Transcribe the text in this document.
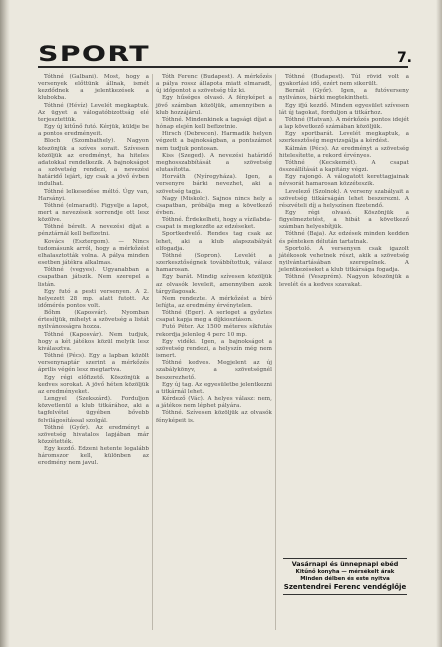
SPORT	7.

Tóthné (Galbani). Most, hogy a versenyek előttünk állnak, ismét kezdődnek a jelentkezések a klubokba.

Tóthné (Hévíz) Levelét megkaptuk. Az ügyet a válogatóbizottság elé terjesztettük.

Egy új kitűnő futó. Kérjük, küldje be a pontos eredményeit.

Bloch (Szombathely). Nagyon köszönjük a szíves sorait. Szívesen közöljük az eredményt, ha hiteles adatokkal rendelkezik. A bajnokságot a szövetség rendezi, a nevezési határidő lejárt, így csak a jövő évben indulhat.

Tóthné lelkesedése méltó. Úgy van, Harsányi.

Tóthné (elmaradt). Figyelje a lapot, mert a nevezések sorrendje ott lesz közölve.

Tóthné bérelt. A nevezési díjat a pénztárnál kell befizetni.

Kovács (Esztergom). — Nincs tudomásunk arról, hogy a mérkőzést elhalasztották volna. A pálya minden esetben játékra alkalmas.

Tóthné (vegyes). Ugyanabban a csapatban játszik. Nem szerepel a listán.

Egy futó a pesti versenyen. A 2. helyezett 28 mp. alatt futott. Az időmérés pontos volt.

Bőhm (Kaposvár). Nyomban értesítjük, mihelyt a szövetség a listát nyilvánosságra hozza.

Tóthné (Kaposvár). Nem tudjuk, hogy a két játékos közül melyik lesz kiválasztva.

Tóthné (Pécs). Egy a lapban közölt versenynaptár szerint a mérkőzés április végén lesz megtartva.

Egy régi előfizető. Köszönjük a kedves sorokat. A jövő héten közöljük az eredményeket.

Lengyel (Szekszárd). Forduljon közvetlenül a klub titkárához, aki a tagfelvétel ügyében bővebb felvilágosítással szolgál.

Tóthné (Győr). Az eredményt a szövetség hivatalos lapjában már közzétették.

Egy kezdő. Edzeni hetente legalább háromszor kell, különben az eredmény nem javul.

Tóth Ferenc (Budapest). A mérkőzés a pálya rossz állapota miatt elmaradt, új időpontot a szövetség tűz ki.

Egy hűséges olvasó. A fényképet a jövő számban közöljük, amennyiben a klub hozzájárul.

Tóthné. Mindenkinek a tagsági díjat a hónap elején kell befizetnie.

Hirsch (Debrecen). Harmadik helyen végzett a bajnokságban, a pontszámot nem tudjuk pontosan.

Kiss (Szeged). A nevezési határidő meghosszabbítását a szövetség elutasította.

Horváth (Nyíregyháza). Igen, a versenyre bárki nevezhet, aki a szövetség tagja.

Nagy (Miskolc). Sajnos nincs hely a csapatban, próbálja meg a következő évben.

Tóthné. Érdekelheti, hogy a vízilabda-csapat is megkezdte az edzéseket.

Sportkedvelő. Rendes tag csak az lehet, aki a klub alapszabályát elfogadja.

Tóthné (Sopron). Levelét a szerkesztőségnek továbbítottuk, válasz hamarosan.

Egy barát. Mindig szívesen közöljük az olvasók leveleit, amennyiben azok tárgyilagosak.

Nem rendezte. A mérkőzést a bíró lefújta, az eredmény érvénytelen.

Tóthné (Eger). A serleget a győztes csapat kapja meg a díjkiosztáson.

Futó Péter. Az 1500 méteres síkfutás rekordja jelenleg 4 perc 10 mp.

Egy vidéki. Igen, a bajnokságot a szövetség rendezi, a helyszín még nem ismert.

Tóthné kedves. Megjelent az új szabálykönyv, a szövetségnél beszerezhető.

Egy új tag. Az egyesületbe jelentkezni a titkárnál lehet.

Kérdező (Vác). A helyes válasz: nem, a játékos nem léphet pályára.

Tóthné. Szívesen közöljük az olvasók fényképeit is.

Tóthné (Budapest). Túl rövid volt a gyakorlási idő, ezért nem sikerült.

Bernát (Győr). Igen, a futóverseny nyilvános, bárki megtekintheti.

Egy ifjú kezdő. Minden egyesület szívesen lát új tagokat, forduljon a titkárhoz.

Tóthné (Hatvan). A mérkőzés pontos idejét a lap következő számában közöljük.

Egy sportbarát. Levelét megkaptuk, a szerkesztőség megvizsgálja a kérdést.

Kálmán (Pécs). Az eredményt a szövetség hitelesítette, a rekord érvényes.

Tóthné (Kecskemét). A csapat összeállítását a kapitány végzi.

Egy rajongó. A válogatott kerettagjainak névsorát hamarosan közzéteszik.

Levelező (Szolnok). A verseny szabályait a szövetség titkárságán lehet beszerezni. A részvételi díj a helyszínen fizetendő.

Egy régi olvasó. Köszönjük a figyelmeztetést, a hibát a következő számban helyesbítjük.

Tóthné (Baja). Az edzések minden kedden és pénteken délután tartatnak.

Sportoló. A versenyen csak igazolt játékosok vehetnek részt, akik a szövetség nyilvántartásában szerepelnek. A jelentkezéseket a klub titkársága fogadja.

Tóthné (Veszprém). Nagyon köszönjük a levelét és a kedves szavakat.

Vasárnapi és ünnepnapi ebéd
Kitűnő konyha — mérsékelt árak
Minden délben és este nyitva
Szentendrei Ferenc vendéglője
